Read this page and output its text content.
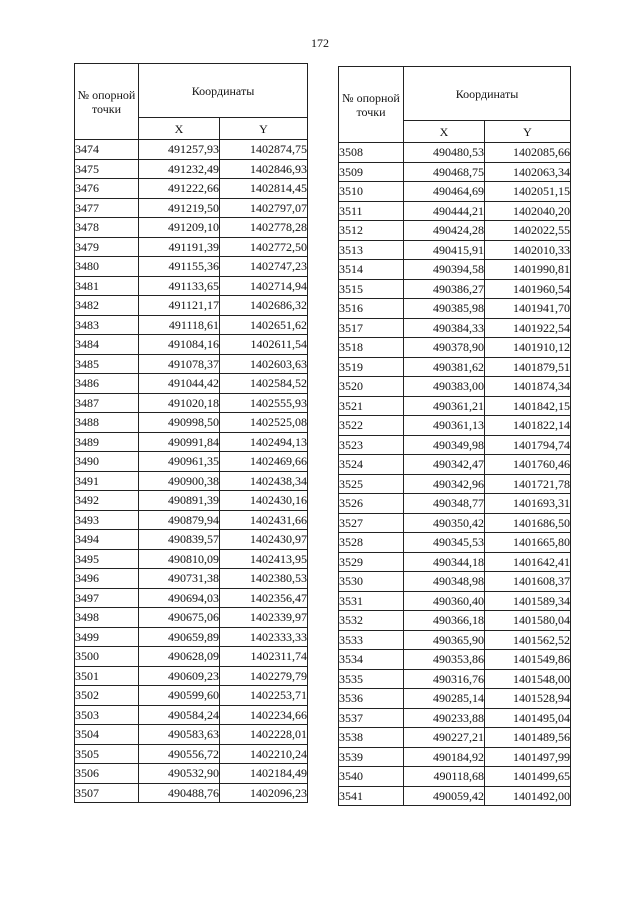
172
№ опорной точки	Координаты	
	X	Y
3474	491257,93	1402874,75
3475	491232,49	1402846,93
3476	491222,66	1402814,45
3477	491219,50	1402797,07
3478	491209,10	1402778,28
3479	491191,39	1402772,50
3480	491155,36	1402747,23
3481	491133,65	1402714,94
3482	491121,17	1402686,32
3483	491118,61	1402651,62
3484	491084,16	1402611,54
3485	491078,37	1402603,63
3486	491044,42	1402584,52
3487	491020,18	1402555,93
3488	490998,50	1402525,08
3489	490991,84	1402494,13
3490	490961,35	1402469,66
3491	490900,38	1402438,34
3492	490891,39	1402430,16
3493	490879,94	1402431,66
3494	490839,57	1402430,97
3495	490810,09	1402413,95
3496	490731,38	1402380,53
3497	490694,03	1402356,47
3498	490675,06	1402339,97
3499	490659,89	1402333,33
3500	490628,09	1402311,74
3501	490609,23	1402279,79
3502	490599,60	1402253,71
3503	490584,24	1402234,66
3504	490583,63	1402228,01
3505	490556,72	1402210,24
3506	490532,90	1402184,49
3507	490488,76	1402096,23
№ опорной точки	Координаты	
	X	Y
3508	490480,53	1402085,66
3509	490468,75	1402063,34
3510	490464,69	1402051,15
3511	490444,21	1402040,20
3512	490424,28	1402022,55
3513	490415,91	1402010,33
3514	490394,58	1401990,81
3515	490386,27	1401960,54
3516	490385,98	1401941,70
3517	490384,33	1401922,54
3518	490378,90	1401910,12
3519	490381,62	1401879,51
3520	490383,00	1401874,34
3521	490361,21	1401842,15
3522	490361,13	1401822,14
3523	490349,98	1401794,74
3524	490342,47	1401760,46
3525	490342,96	1401721,78
3526	490348,77	1401693,31
3527	490350,42	1401686,50
3528	490345,53	1401665,80
3529	490344,18	1401642,41
3530	490348,98	1401608,37
3531	490360,40	1401589,34
3532	490366,18	1401580,04
3533	490365,90	1401562,52
3534	490353,86	1401549,86
3535	490316,76	1401548,00
3536	490285,14	1401528,94
3537	490233,88	1401495,04
3538	490227,21	1401489,56
3539	490184,92	1401497,99
3540	490118,68	1401499,65
3541	490059,42	1401492,00
